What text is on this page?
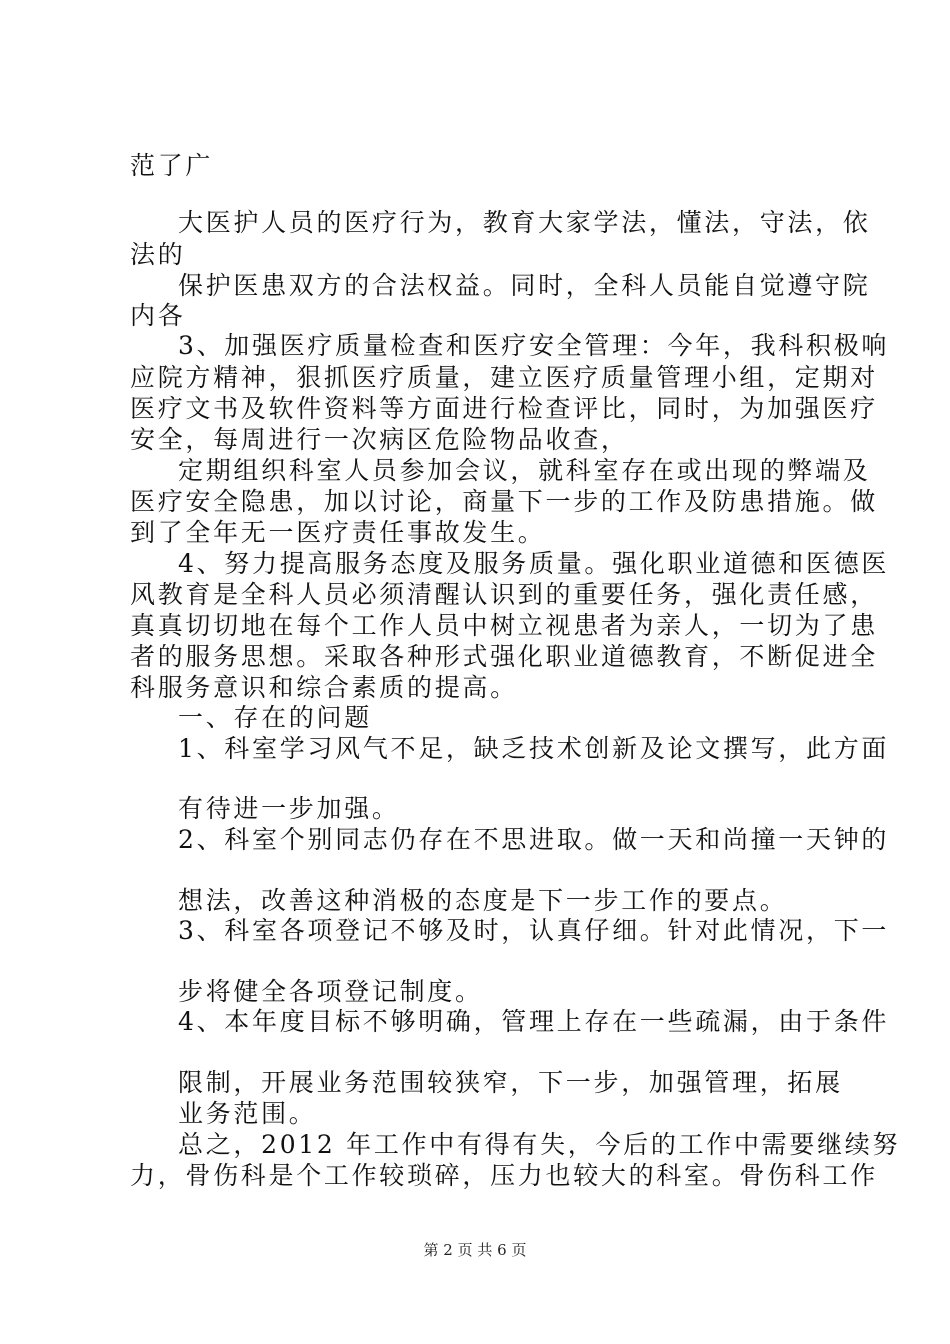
范了广
大医护人员的医疗行为，教育大家学法，懂法，守法，依
法的
保护医患双方的合法权益。同时，全科人员能自觉遵守院
内各
3、加强医疗质量检查和医疗安全管理：今年，我科积极响
应院方精神，狠抓医疗质量，建立医疗质量管理小组，定期对
医疗文书及软件资料等方面进行检查评比，同时，为加强医疗
安全，每周进行一次病区危险物品收查，
定期组织科室人员参加会议，就科室存在或出现的弊端及
医疗安全隐患，加以讨论，商量下一步的工作及防患措施。做
到了全年无一医疗责任事故发生。
4、努力提高服务态度及服务质量。强化职业道德和医德医
风教育是全科人员必须清醒认识到的重要任务，强化责任感，
真真切切地在每个工作人员中树立视患者为亲人，一切为了患
者的服务思想。采取各种形式强化职业道德教育，不断促进全
科服务意识和综合素质的提高。
一、存在的问题
1、科室学习风气不足，缺乏技术创新及论文撰写，此方面
有待进一步加强。
2、科室个别同志仍存在不思进取。做一天和尚撞一天钟的
想法，改善这种消极的态度是下一步工作的要点。
3、科室各项登记不够及时，认真仔细。针对此情况，下一
步将健全各项登记制度。
4、本年度目标不够明确，管理上存在一些疏漏，由于条件
限制，开展业务范围较狭窄，下一步，加强管理，拓展
业务范围。
总之，2012 年工作中有得有失，今后的工作中需要继续努
力，骨伤科是个工作较琐碎，压力也较大的科室。骨伤科工作
第 2 页 共 6 页
